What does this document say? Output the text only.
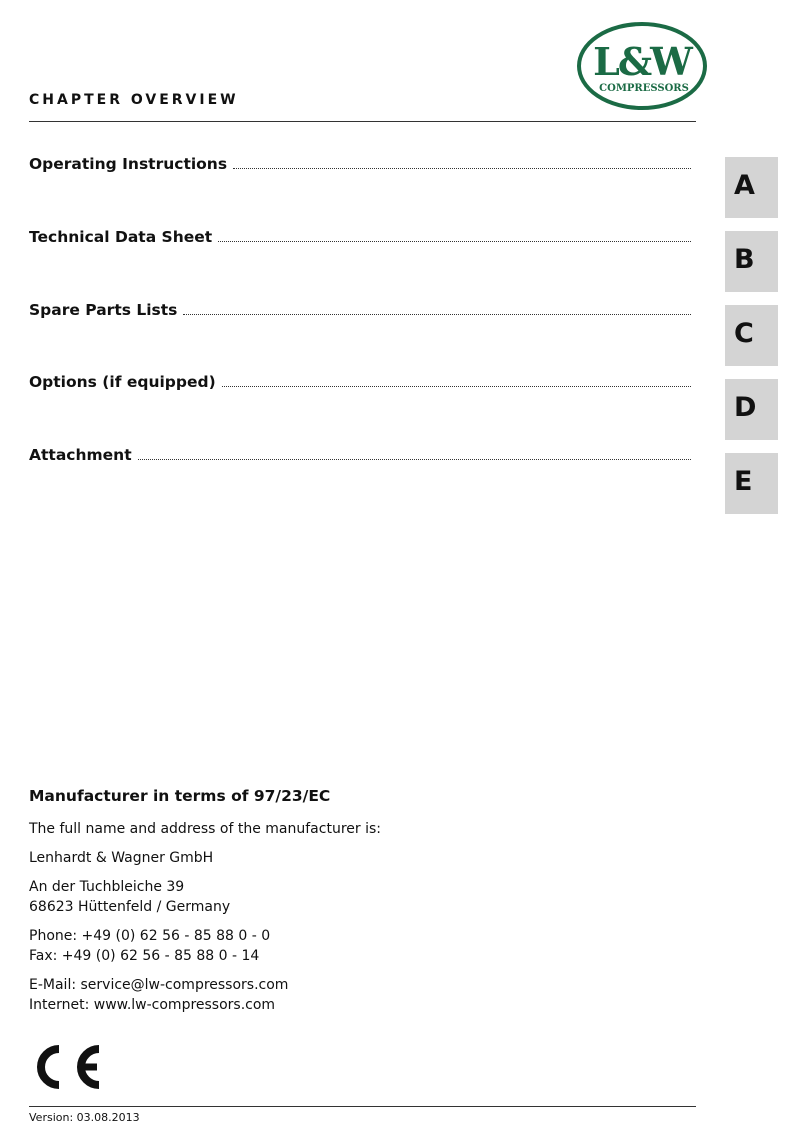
L&W
COMPRESSORS
CHAPTER OVERVIEW
Operating Instructions
Technical Data Sheet
Spare Parts Lists
Options (if equipped)
Attachment
A
B
C
D
E
Manufacturer in terms of 97/23/EC
The full name and address of the manufacturer is:
Lenhardt & Wagner GmbH
An der Tuchbleiche 39
68623 Hüttenfeld / Germany
Phone: +49 (0) 62 56 - 85 88 0 - 0
Fax: +49 (0) 62 56 - 85 88 0 - 14
E-Mail: service@lw-compressors.com
Internet: www.lw-compressors.com
Version: 03.08.2013
